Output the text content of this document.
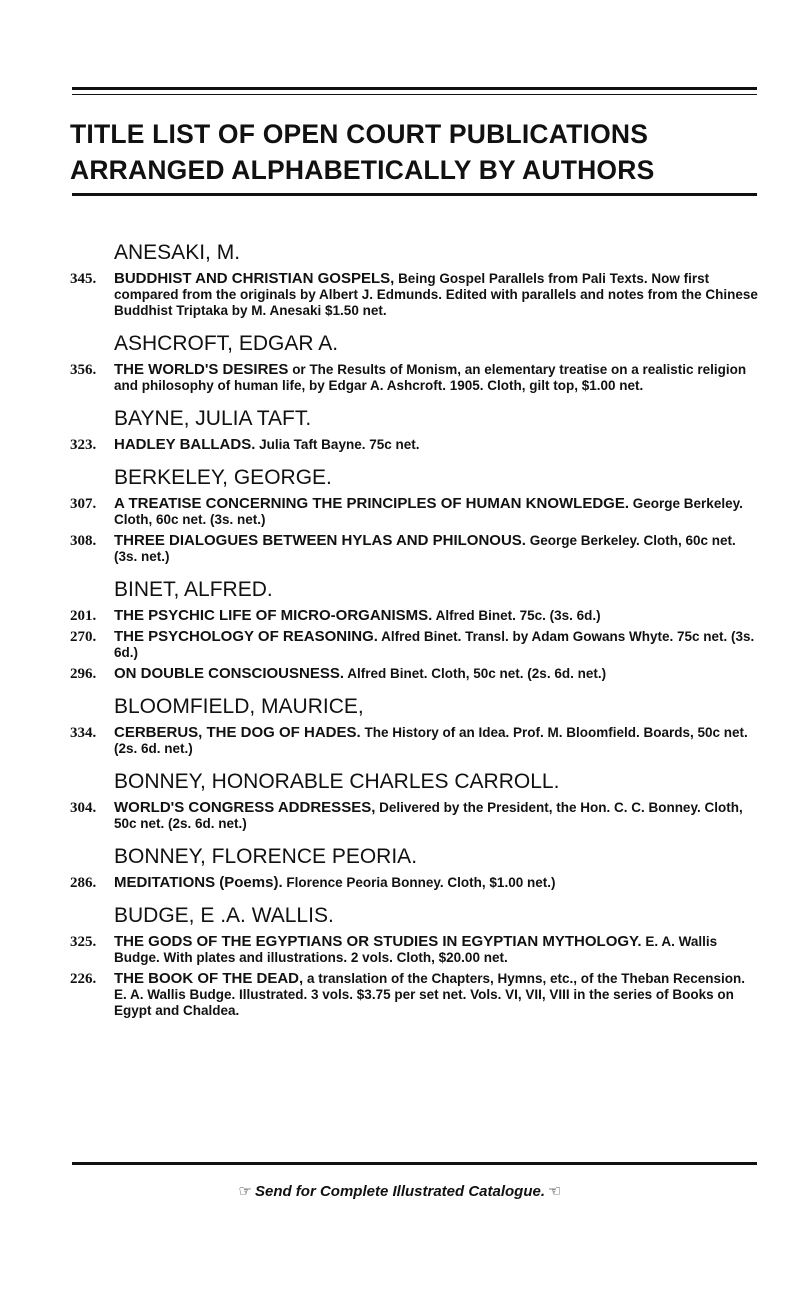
TITLE LIST OF OPEN COURT PUBLICATIONS
ARRANGED ALPHABETICALLY BY AUTHORS
ANESAKI, M.
345. BUDDHIST AND CHRISTIAN GOSPELS, Being Gospel Parallels from Pali Texts. Now first compared from the originals by Albert J. Edmunds. Edited with parallels and notes from the Chinese Buddhist Triptaka by M. Anesaki $1.50 net.
ASHCROFT, EDGAR A.
356. THE WORLD'S DESIRES or The Results of Monism, an elementary treatise on a realistic religion and philosophy of human life, by Edgar A. Ashcroft. 1905. Cloth, gilt top, $1.00 net.
BAYNE, JULIA TAFT.
323. HADLEY BALLADS. Julia Taft Bayne. 75c net.
BERKELEY, GEORGE.
307. A TREATISE CONCERNING THE PRINCIPLES OF HUMAN KNOWLEDGE. George Berkeley. Cloth, 60c net. (3s. net.)
308. THREE DIALOGUES BETWEEN HYLAS AND PHILONOUS. George Berkeley. Cloth, 60c net. (3s. net.)
BINET, ALFRED.
201. THE PSYCHIC LIFE OF MICRO-ORGANISMS. Alfred Binet. 75c. (3s. 6d.)
270. THE PSYCHOLOGY OF REASONING. Alfred Binet. Transl. by Adam Gowans Whyte. 75c net. (3s. 6d.)
296. ON DOUBLE CONSCIOUSNESS. Alfred Binet. Cloth, 50c net. (2s. 6d. net.)
BLOOMFIELD, MAURICE,
334. CERBERUS, THE DOG OF HADES. The History of an Idea. Prof. M. Bloomfield. Boards, 50c net. (2s. 6d. net.)
BONNEY, HONORABLE CHARLES CARROLL.
304. WORLD'S CONGRESS ADDRESSES, Delivered by the President, the Hon. C. C. Bonney. Cloth, 50c net. (2s. 6d. net.)
BONNEY, FLORENCE PEORIA.
286. MEDITATIONS (Poems). Florence Peoria Bonney. Cloth, $1.00 net.)
BUDGE, E .A. WALLIS.
325. THE GODS OF THE EGYPTIANS OR STUDIES IN EGYPTIAN MYTHOLOGY. E. A. Wallis Budge. With plates and illustrations. 2 vols. Cloth, $20.00 net.
226. THE BOOK OF THE DEAD, a translation of the Chapters, Hymns, etc., of the Theban Recension. E. A. Wallis Budge. Illustrated. 3 vols. $3.75 per set net. Vols. VI, VII, VIII in the series of Books on Egypt and Chaldea.
☞ Send for Complete Illustrated Catalogue. ☜
